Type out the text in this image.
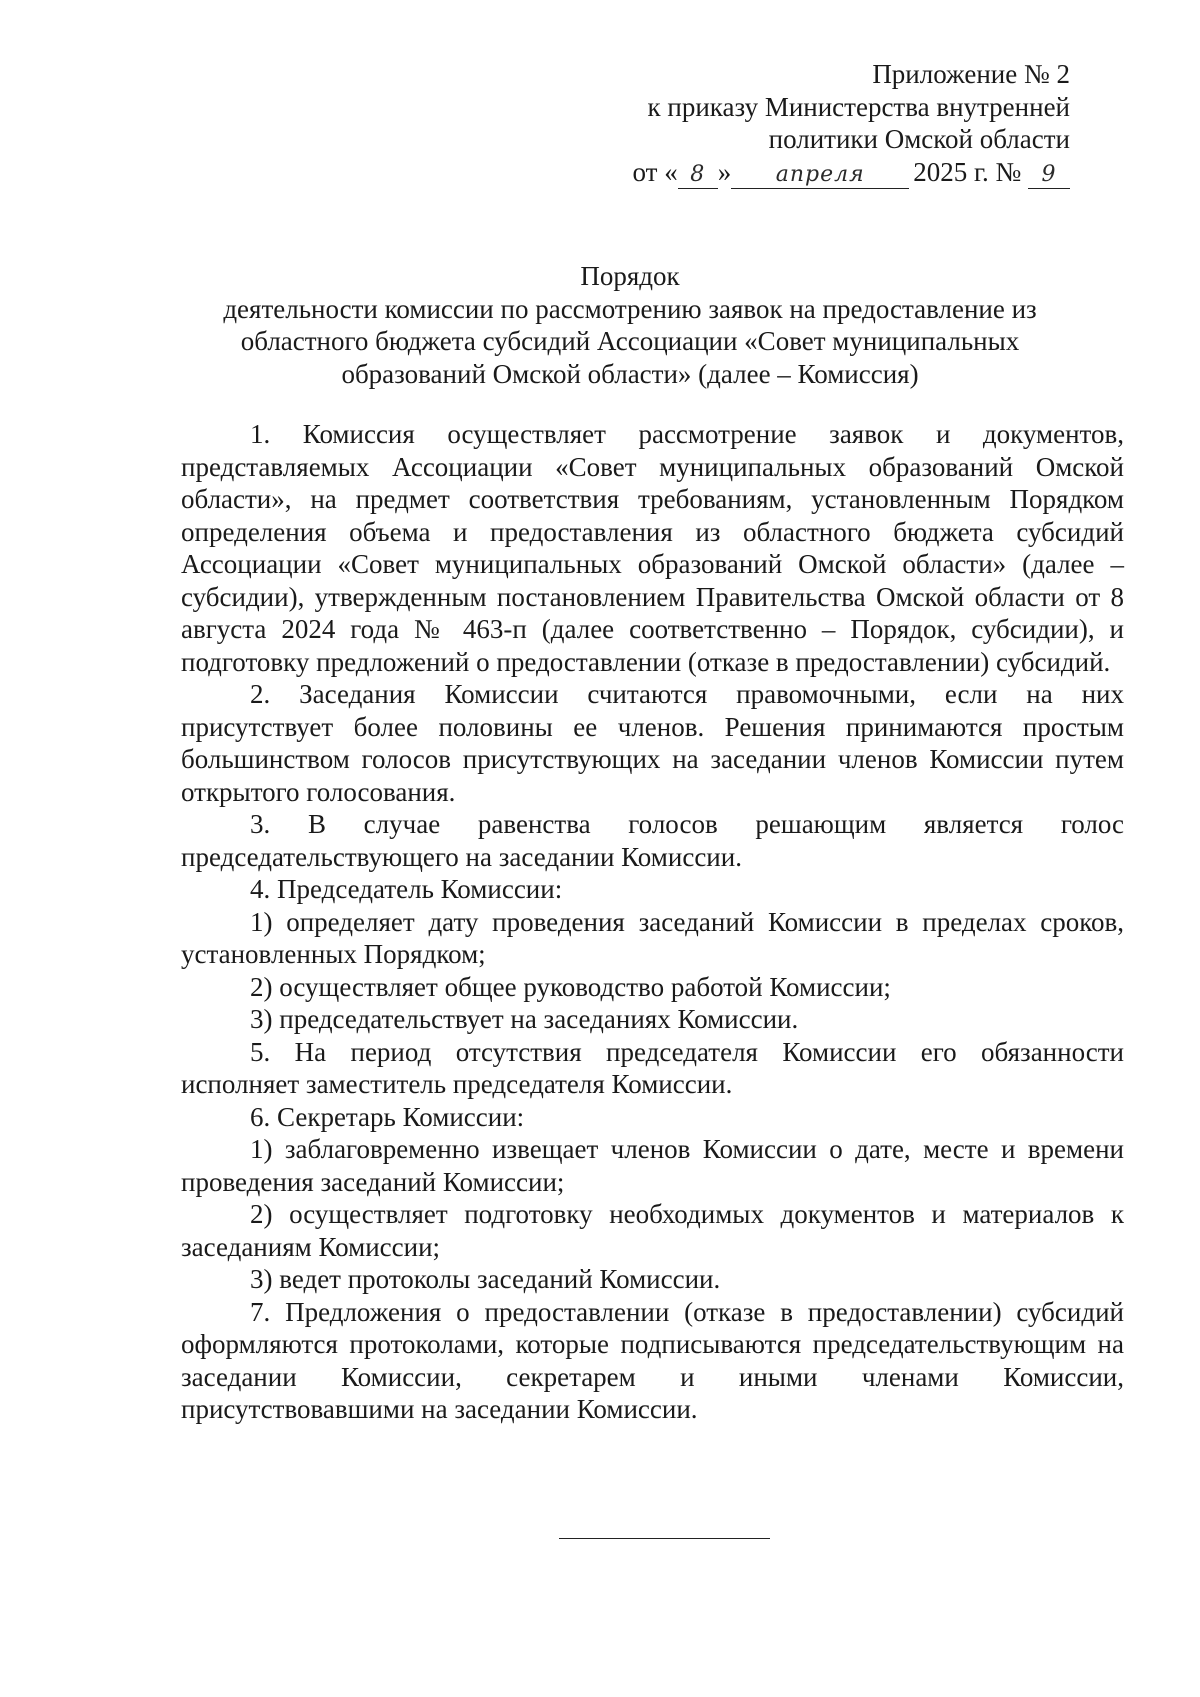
Приложение № 2
к приказу Министерства внутренней
политики Омской области
от « 8 » апреля 2025 г. № 9
Порядок
деятельности комиссии по рассмотрению заявок на предоставление из
областного бюджета субсидий Ассоциации «Совет муниципальных
образований Омской области» (далее – Комиссия)

1. Комиссия осуществляет рассмотрение заявок и документов, представляемых Ассоциации «Совет муниципальных образований Омской области», на предмет соответствия требованиям, установленным Порядком определения объема и предоставления из областного бюджета субсидий Ассоциации «Совет муниципальных образований Омской области» (далее – субсидии), утвержденным постановлением Правительства Омской области от 8 августа 2024 года № 463-п (далее соответственно – Порядок, субсидии), и подготовку предложений о предоставлении (отказе в предоставлении) субсидий.

2. Заседания Комиссии считаются правомочными, если на них присутствует более половины ее членов. Решения принимаются простым большинством голосов присутствующих на заседании членов Комиссии путем открытого голосования.

3. В случае равенства голосов решающим является голос председательствующего на заседании Комиссии.

4. Председатель Комиссии:

1) определяет дату проведения заседаний Комиссии в пределах сроков, установленных Порядком;

2) осуществляет общее руководство работой Комиссии;

3) председательствует на заседаниях Комиссии.

5. На период отсутствия председателя Комиссии его обязанности исполняет заместитель председателя Комиссии.

6. Секретарь Комиссии:

1) заблаговременно извещает членов Комиссии о дате, месте и времени проведения заседаний Комиссии;

2) осуществляет подготовку необходимых документов и материалов к заседаниям Комиссии;

3) ведет протоколы заседаний Комиссии.

7. Предложения о предоставлении (отказе в предоставлении) субсидий оформляются протоколами, которые подписываются председательствующим на заседании Комиссии, секретарем и иными членами Комиссии, присутствовавшими на заседании Комиссии.
